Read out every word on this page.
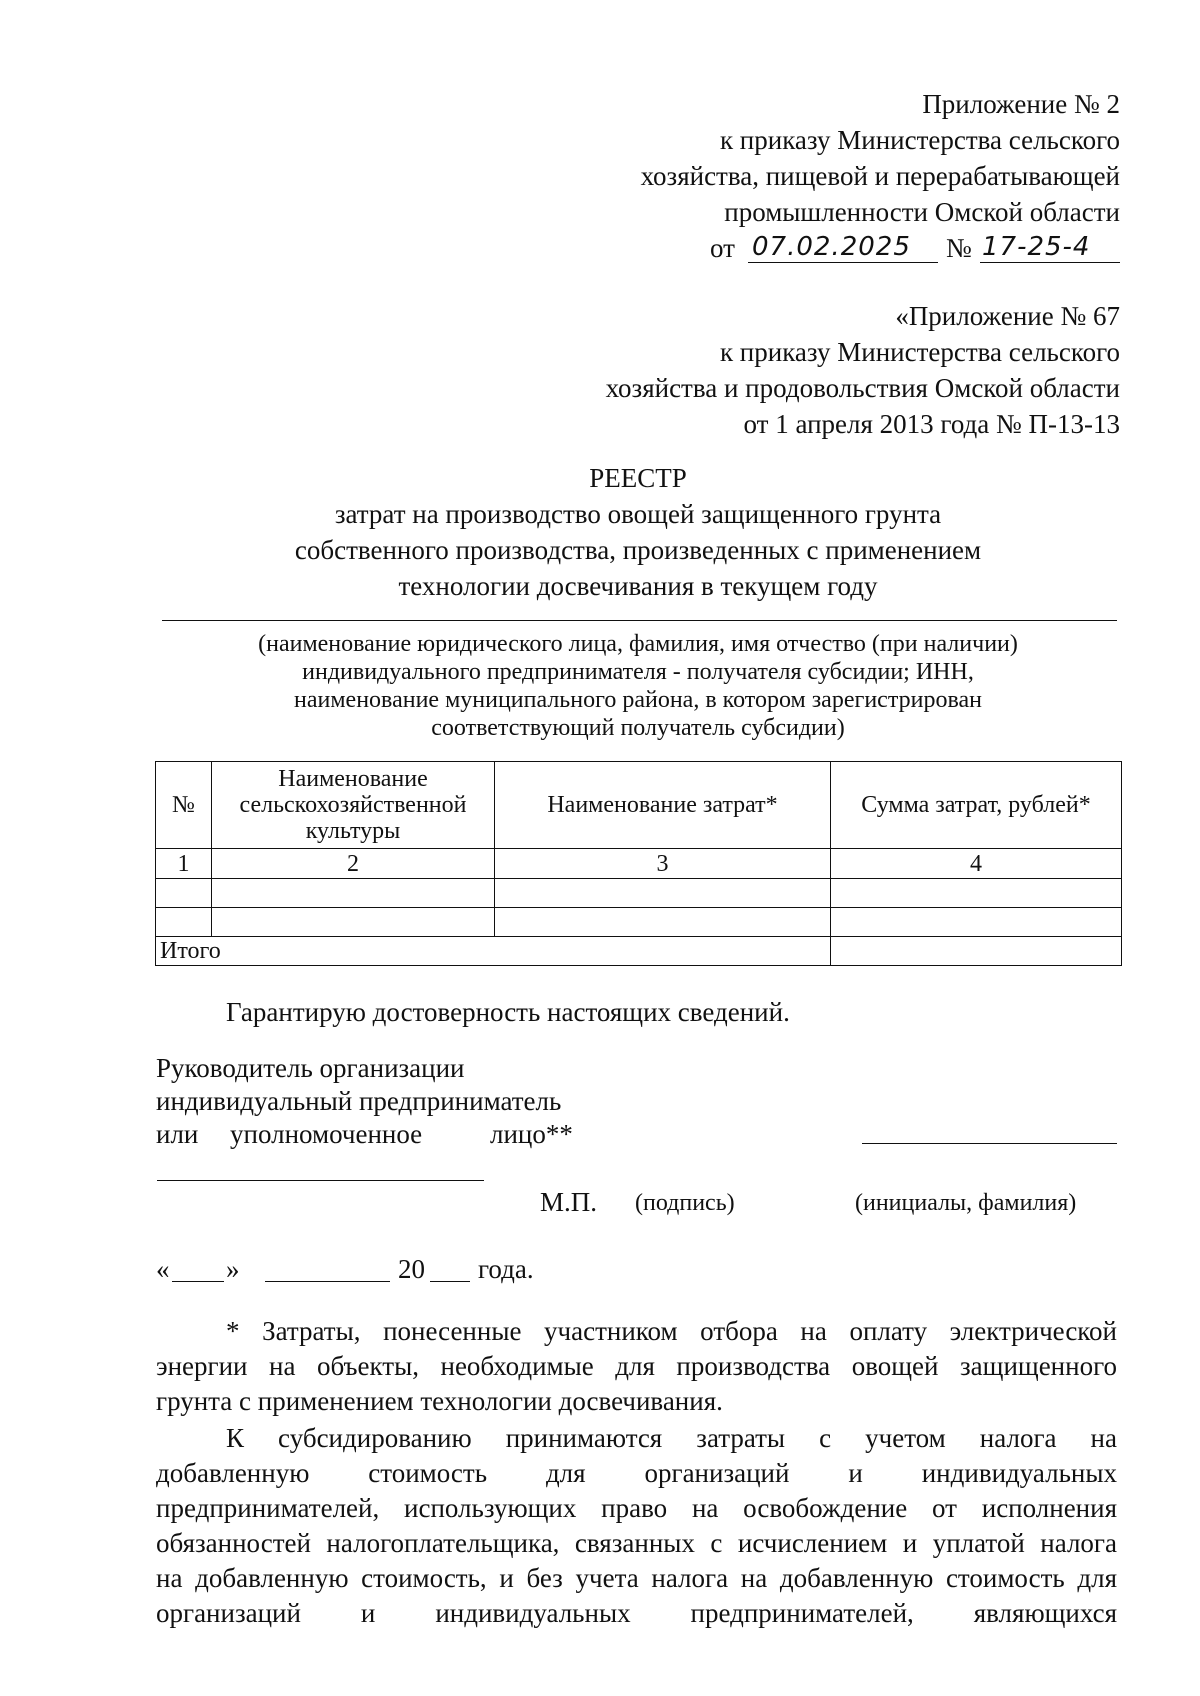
Приложение № 2
к приказу Министерства сельского
хозяйства, пищевой и перерабатывающей
промышленности Омской области
от 07.02.2025 № 17-25-4
«Приложение № 67
к приказу Министерства сельского
хозяйства и продовольствия Омской области
от 1 апреля 2013 года № П-13-13
РЕЕСТР
затрат на производство овощей защищенного грунта
собственного производства, произведенных с применением
технологии досвечивания в текущем году
(наименование юридического лица, фамилия, имя отчество (при наличии)
индивидуального предпринимателя - получателя субсидии; ИНН,
наименование муниципального района, в котором зарегистрирован
соответствующий получатель субсидии)
№	Наименование сельскохозяйственной культуры	Наименование затрат*	Сумма затрат, рублей*
1	2	3	4

Итого			
Гарантирую достоверность настоящих сведений.
Руководитель организации
индивидуальный предприниматель
или уполномоченное	лицо**
М.П. (подпись)	(инициалы, фамилия)
« »	20 года.
* Затраты, понесенные участником отбора на оплату электрической
энергии на объекты, необходимые для производства овощей защищенного
грунта с применением технологии досвечивания.
К субсидированию принимаются затраты с учетом налога на
добавленную стоимость для организаций и индивидуальных
предпринимателей, использующих право на освобождение от исполнения
обязанностей налогоплательщика, связанных с исчислением и уплатой налога
на добавленную стоимость, и без учета налога на добавленную стоимость для
организаций и индивидуальных предпринимателей, являющихся
